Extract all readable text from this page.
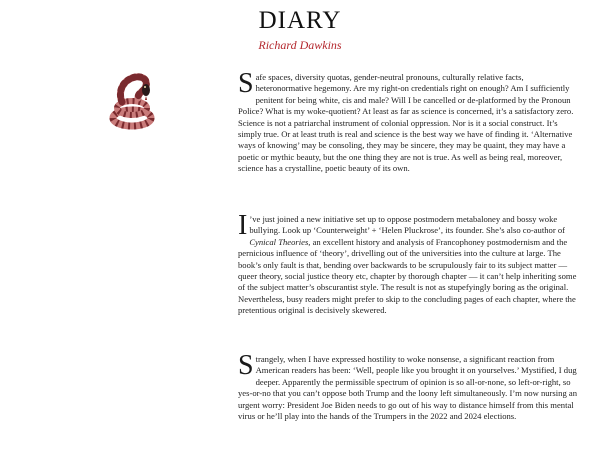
DIARY
Richard Dawkins

Safe spaces, diversity quotas, gender-neutral pronouns, culturally relative facts, heteronormative hegemony. Are my right-on credentials right on enough? Am I sufficiently penitent for being white, cis and male? Will I be cancelled or de-platformed by the Pronoun Police? What is my woke-quotient? At least as far as science is concerned, it’s a satisfactory zero. Science is not a patriarchal instrument of colonial oppression. Nor is it a social construct. It’s simply true. Or at least truth is real and science is the best way we have of finding it. ‘Alternative ways of knowing’ may be consoling, they may be sincere, they may be quaint, they may have a poetic or mythic beauty, but the one thing they are not is true. As well as being real, moreover, science has a crystalline, poetic beauty of its own.

I ’ve just joined a new initiative set up to oppose postmodern metabaloney and bossy woke bullying. Look up ‘Counterweight’ + ‘Helen Pluckrose’, its founder. She’s also co-author of Cynical Theories, an excellent history and analysis of Francophoney postmodernism and the pernicious influence of ‘theory’, drivelling out of the universities into the culture at large. The book’s only fault is that, bending over backwards to be scrupulously fair to its subject matter — queer theory, social justice theory etc, chapter by thorough chapter — it can’t help inheriting some of the subject matter’s obscurantist style. The result is not as stupefyingly boring as the original. Nevertheless, busy readers might prefer to skip to the concluding pages of each chapter, where the pretentious original is decisively skewered.

Strangely, when I have expressed hostility to woke nonsense, a significant reaction from American readers has been: ‘Well, people like you brought it on yourselves.’ Mystified, I dug deeper. Apparently the permissible spectrum of opinion is so all-or-none, so left-or-right, so yes-or-no that you can’t oppose both Trump and the loony left simultaneously. I’m now nursing an urgent worry: President Joe Biden needs to go out of his way to distance himself from this mental virus or he’ll play into the hands of the Trumpers in the 2022 and 2024 elections.
